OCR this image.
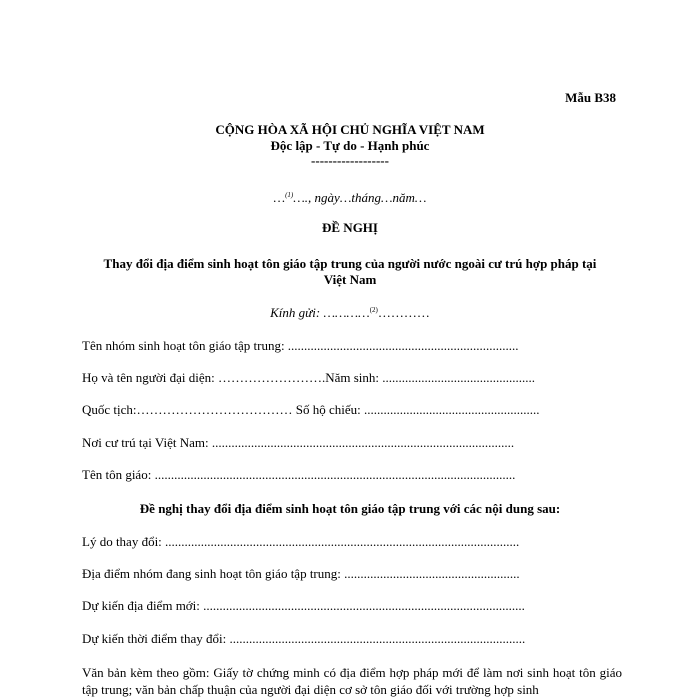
Mẫu B38
CỘNG HÒA XÃ HỘI CHỦ NGHĨA VIỆT NAM
Độc lập - Tự do - Hạnh phúc
------------------
…$^{(1)}$…., ngày…tháng…năm…
ĐỀ NGHỊ
Thay đổi địa điểm sinh hoạt tôn giáo tập trung của người nước ngoài cư trú hợp pháp tại
Việt Nam
Kính gửi: …………$^{(2)}$…………
Tên nhóm sinh hoạt tôn giáo tập trung: .......................................................................
Họ và tên người đại diện: …………………….Năm sinh: ...............................................
Quốc tịch:……………………………… Số hộ chiếu: ......................................................
Nơi cư trú tại Việt Nam: .............................................................................................
Tên tôn giáo: ...............................................................................................................
Đề nghị thay đổi địa điểm sinh hoạt tôn giáo tập trung với các nội dung sau:
Lý do thay đổi: .............................................................................................................
Địa điểm nhóm đang sinh hoạt tôn giáo tập trung: ......................................................
Dự kiến địa điểm mới: ...................................................................................................
Dự kiến thời điểm thay đổi: ...........................................................................................
Văn bản kèm theo gồm: Giấy tờ chứng minh có địa điểm hợp pháp mới để làm nơi sinh hoạt tôn giáo tập trung; văn bản chấp thuận của người đại diện cơ sở tôn giáo đối với trường hợp sinh
